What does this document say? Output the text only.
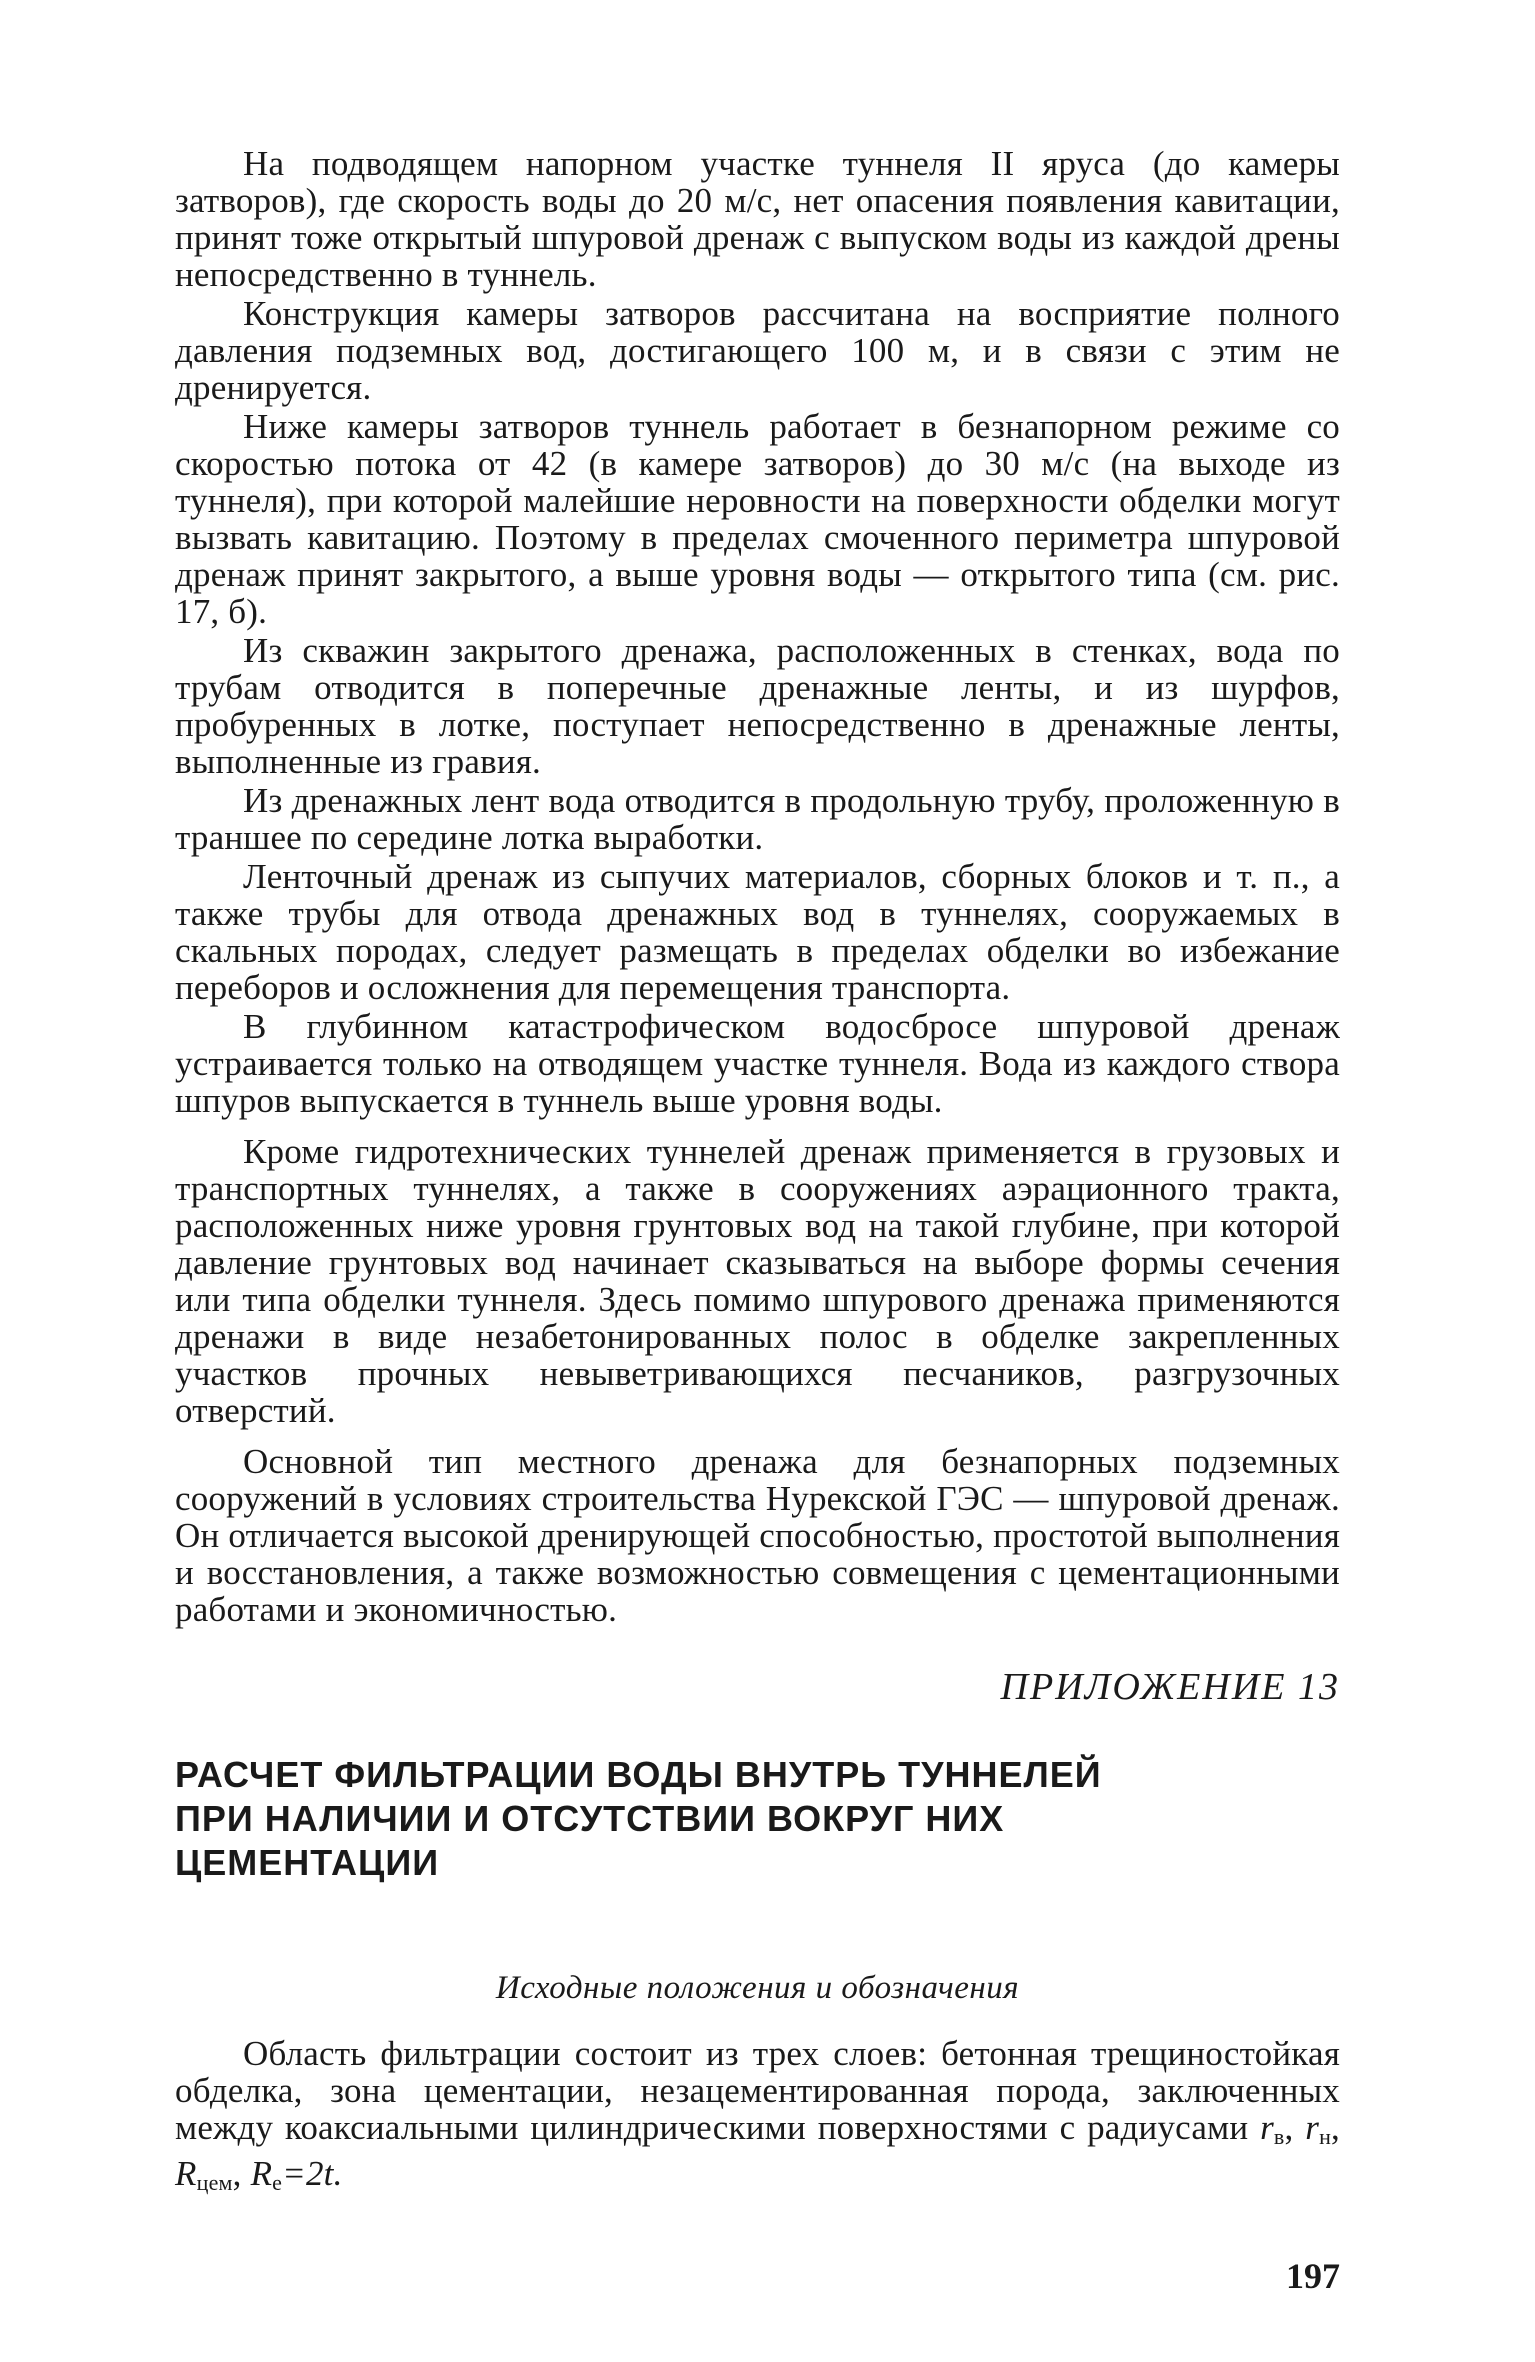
На подводящем напорном участке туннеля II яруса (до камеры затворов), где скорость воды до 20 м/с, нет опасения появления кавитации, принят тоже открытый шпуровой дренаж с выпуском воды из каждой дрены непосредственно в туннель.

Конструкция камеры затворов рассчитана на восприятие полного давления подземных вод, достигающего 100 м, и в связи с этим не дренируется.

Ниже камеры затворов туннель работает в безнапорном режиме со скоростью потока от 42 (в камере затворов) до 30 м/с (на выходе из туннеля), при которой малейшие неровности на поверхности обделки могут вызвать кавитацию. Поэтому в пределах смоченного периметра шпуровой дренаж принят закрытого, а выше уровня воды — открытого типа (см. рис. 17, б).

Из скважин закрытого дренажа, расположенных в стенках, вода по трубам отводится в поперечные дренажные ленты, и из шурфов, пробуренных в лотке, поступает непосредственно в дренажные ленты, выполненные из гравия.

Из дренажных лент вода отводится в продольную трубу, проложенную в траншее по середине лотка выработки.

Ленточный дренаж из сыпучих материалов, сборных блоков и т. п., а также трубы для отвода дренажных вод в туннелях, сооружаемых в скальных породах, следует размещать в пределах обделки во избежание переборов и осложнения для перемещения транспорта.

В глубинном катастрофическом водосбросе шпуровой дренаж устраивается только на отводящем участке туннеля. Вода из каждого створа шпуров выпускается в туннель выше уровня воды.

Кроме гидротехнических туннелей дренаж применяется в грузовых и транспортных туннелях, а также в сооружениях аэрационного тракта, расположенных ниже уровня грунтовых вод на такой глубине, при которой давление грунтовых вод начинает сказываться на выборе формы сечения или типа обделки туннеля. Здесь помимо шпурового дренажа применяются дренажи в виде незабетонированных полос в обделке закрепленных участков прочных невыветривающихся песчаников, разгрузочных отверстий.

Основной тип местного дренажа для безнапорных подземных сооружений в условиях строительства Нурекской ГЭС — шпуровой дренаж. Он отличается высокой дренирующей способностью, простотой выполнения и восстановления, а также возможностью совмещения с цементационными работами и экономичностью.

ПРИЛОЖЕНИЕ 13

РАСЧЕТ ФИЛЬТРАЦИИ ВОДЫ ВНУТРЬ ТУННЕЛЕЙ ПРИ НАЛИЧИИ И ОТСУТСТВИИ ВОКРУГ НИХ ЦЕМЕНТАЦИИ

Исходные положения и обозначения

Область фильтрации состоит из трех слоев: бетонная трещиностойкая обделка, зона цементации, незацементированная порода, заключенных между коаксиальными цилиндрическими поверхностями с радиусами $r_в$, $r_н$, $R_{цем}$, $R_е=2t$.

197
